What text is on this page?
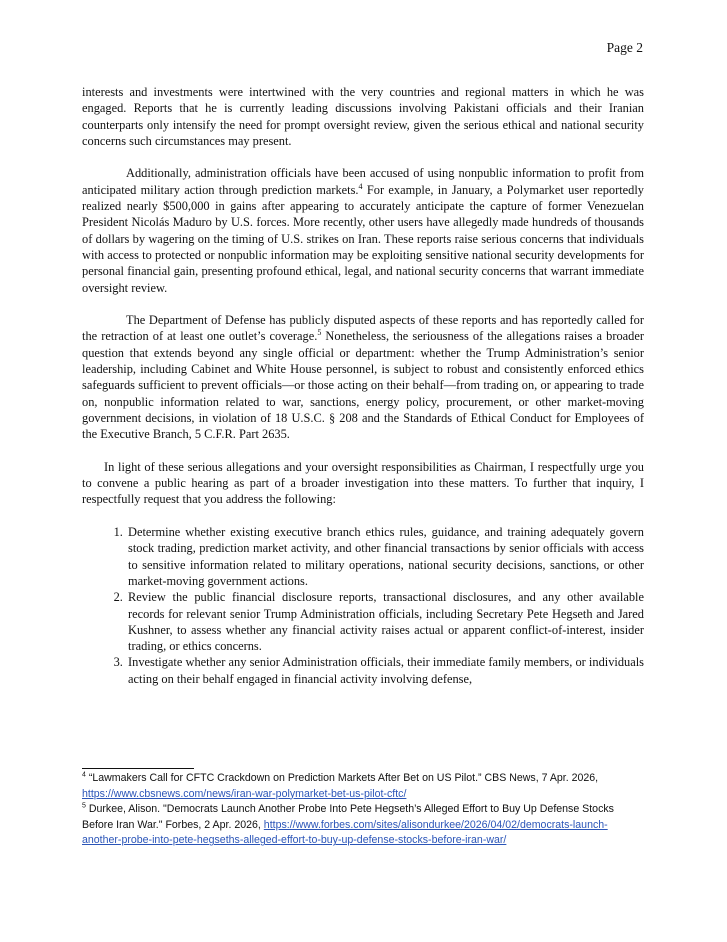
Page 2

interests and investments were intertwined with the very countries and regional matters in which he was engaged. Reports that he is currently leading discussions involving Pakistani officials and their Iranian counterparts only intensify the need for prompt oversight review, given the serious ethical and national security concerns such circumstances may present.

Additionally, administration officials have been accused of using nonpublic information to profit from anticipated military action through prediction markets.$^4$ For example, in January, a Polymarket user reportedly realized nearly $500,000 in gains after appearing to accurately anticipate the capture of former Venezuelan President Nicolás Maduro by U.S. forces. More recently, other users have allegedly made hundreds of thousands of dollars by wagering on the timing of U.S. strikes on Iran. These reports raise serious concerns that individuals with access to protected or nonpublic information may be exploiting sensitive national security developments for personal financial gain, presenting profound ethical, legal, and national security concerns that warrant immediate oversight review.

The Department of Defense has publicly disputed aspects of these reports and has reportedly called for the retraction of at least one outlet’s coverage.$^5$ Nonetheless, the seriousness of the allegations raises a broader question that extends beyond any single official or department: whether the Trump Administration’s senior leadership, including Cabinet and White House personnel, is subject to robust and consistently enforced ethics safeguards sufficient to prevent officials—or those acting on their behalf—from trading on, or appearing to trade on, nonpublic information related to war, sanctions, energy policy, procurement, or other market-moving government decisions, in violation of 18 U.S.C. § 208 and the Standards of Ethical Conduct for Employees of the Executive Branch, 5 C.F.R. Part 2635.

In light of these serious allegations and your oversight responsibilities as Chairman, I respectfully urge you to convene a public hearing as part of a broader investigation into these matters. To further that inquiry, I respectfully request that you address the following:

1. Determine whether existing executive branch ethics rules, guidance, and training adequately govern stock trading, prediction market activity, and other financial transactions by senior officials with access to sensitive information related to military operations, national security decisions, sanctions, or other market-moving government actions.
2. Review the public financial disclosure reports, transactional disclosures, and any other available records for relevant senior Trump Administration officials, including Secretary Pete Hegseth and Jared Kushner, to assess whether any financial activity raises actual or apparent conflict-of-interest, insider trading, or ethics concerns.
3. Investigate whether any senior Administration officials, their immediate family members, or individuals acting on their behalf engaged in financial activity involving defense,
$^4$ “Lawmakers Call for CFTC Crackdown on Prediction Markets After Bet on US Pilot.” CBS News, 7 Apr. 2026, https://www.cbsnews.com/news/iran-war-polymarket-bet-us-pilot-cftc/
$^5$ Durkee, Alison. "Democrats Launch Another Probe Into Pete Hegseth’s Alleged Effort to Buy Up Defense Stocks Before Iran War." Forbes, 2 Apr. 2026, https://www.forbes.com/sites/alisondurkee/2026/04/02/democrats-launch-another-probe-into-pete-hegseths-alleged-effort-to-buy-up-defense-stocks-before-iran-war/
